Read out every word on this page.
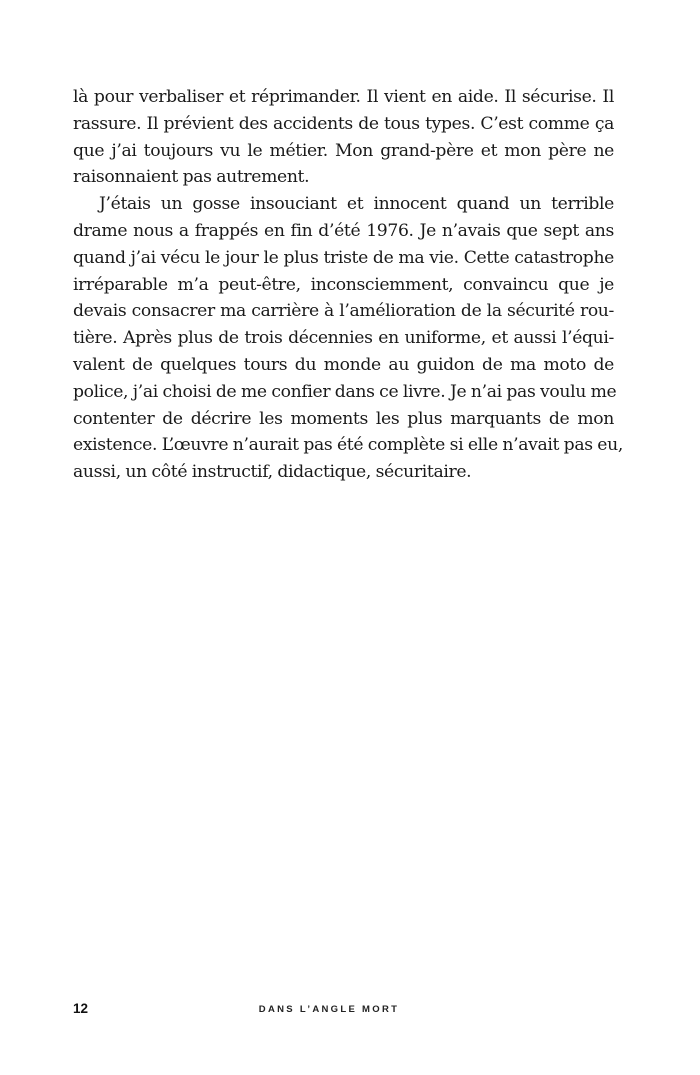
là pour verbaliser et réprimander. Il vient en aide. Il sécurise. Il
rassure. Il prévient des accidents de tous types. C’est comme ça
que j’ai toujours vu le métier. Mon grand-père et mon père ne
raisonnaient pas autrement.
J’étais un gosse insouciant et innocent quand un terrible
drame nous a frappés en fin d’été 1976. Je n’avais que sept ans
quand j’ai vécu le jour le plus triste de ma vie. Cette catastrophe
irréparable m’a peut-être, inconsciemment, convaincu que je
devais consacrer ma carrière à l’amélioration de la sécurité rou-
tière. Après plus de trois décennies en uniforme, et aussi l’équi-
valent de quelques tours du monde au guidon de ma moto de
police, j’ai choisi de me confier dans ce livre. Je n’ai pas voulu me
contenter de décrire les moments les plus marquants de mon
existence. L’œuvre n’aurait pas été complète si elle n’avait pas eu,
aussi, un côté instructif, didactique, sécuritaire.
12	DANS L’ANGLE MORT
